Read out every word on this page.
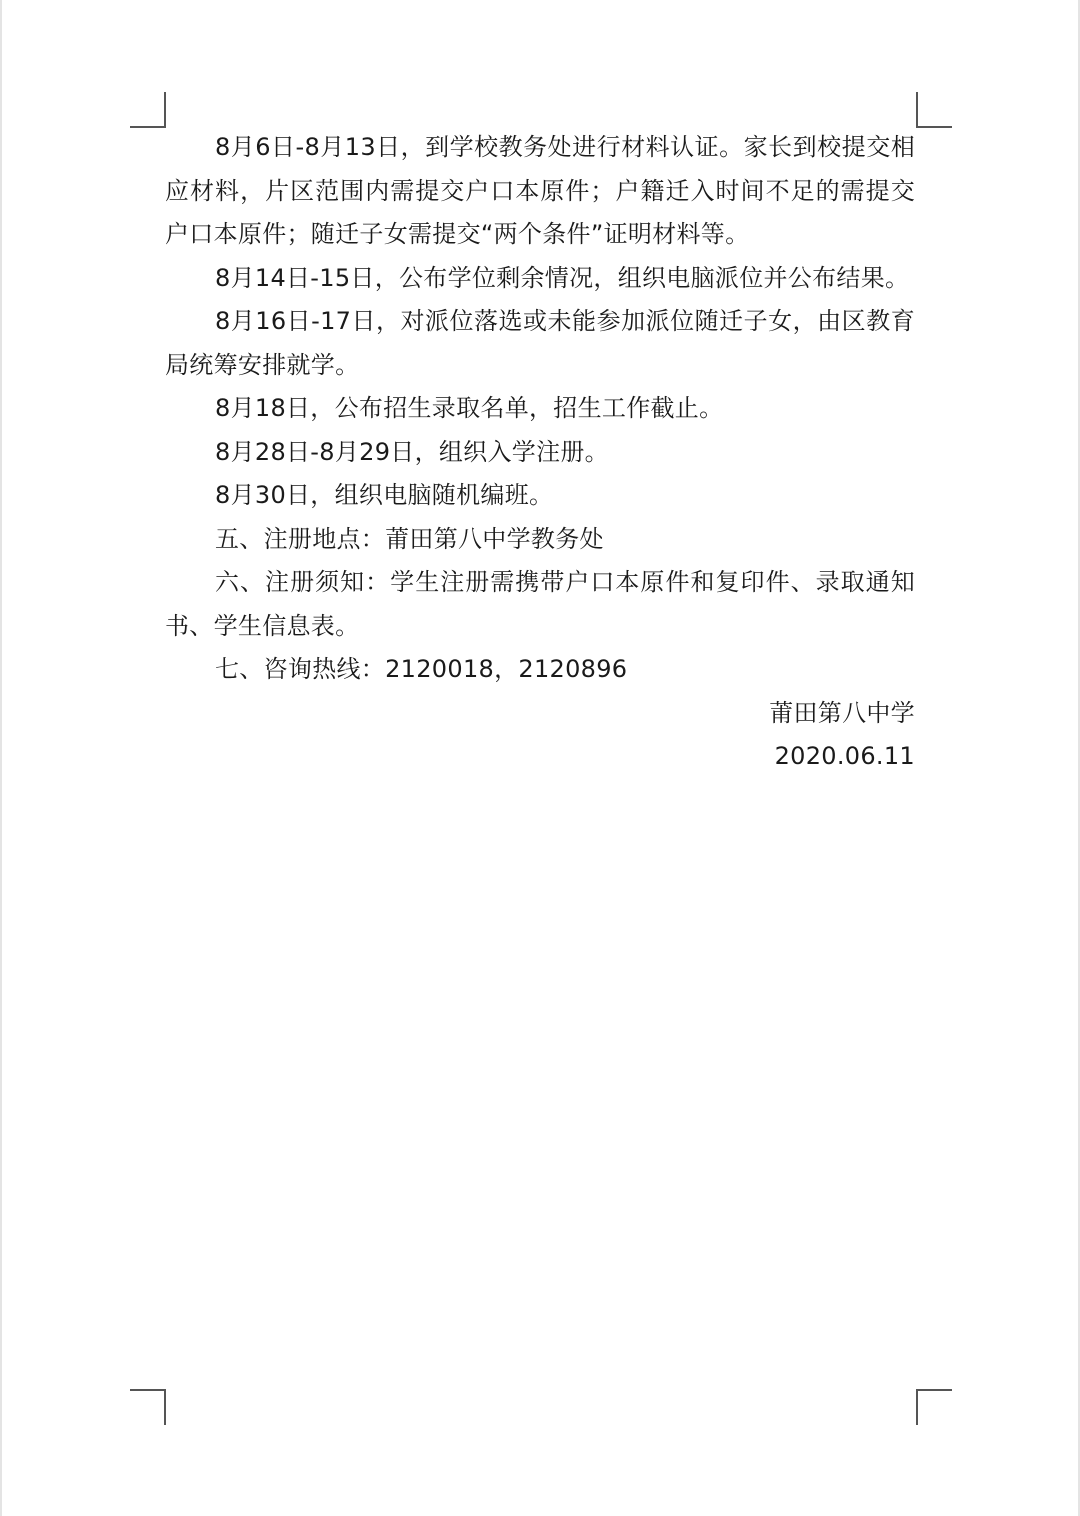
8月6日-8月13日，到学校教务处进行材料认证。家长到校提交相应材料，片区范围内需提交户口本原件；户籍迁入时间不足的需提交户口本原件；随迁子女需提交“两个条件”证明材料等。

8月14日-15日，公布学位剩余情况，组织电脑派位并公布结果。

8月16日-17日，对派位落选或未能参加派位随迁子女，由区教育局统筹安排就学。

8月18日，公布招生录取名单，招生工作截止。

8月28日-8月29日，组织入学注册。

8月30日，组织电脑随机编班。

五、注册地点：莆田第八中学教务处

六、注册须知：学生注册需携带户口本原件和复印件、录取通知书、学生信息表。

七、咨询热线：2120018，2120896

莆田第八中学
2020.06.11
